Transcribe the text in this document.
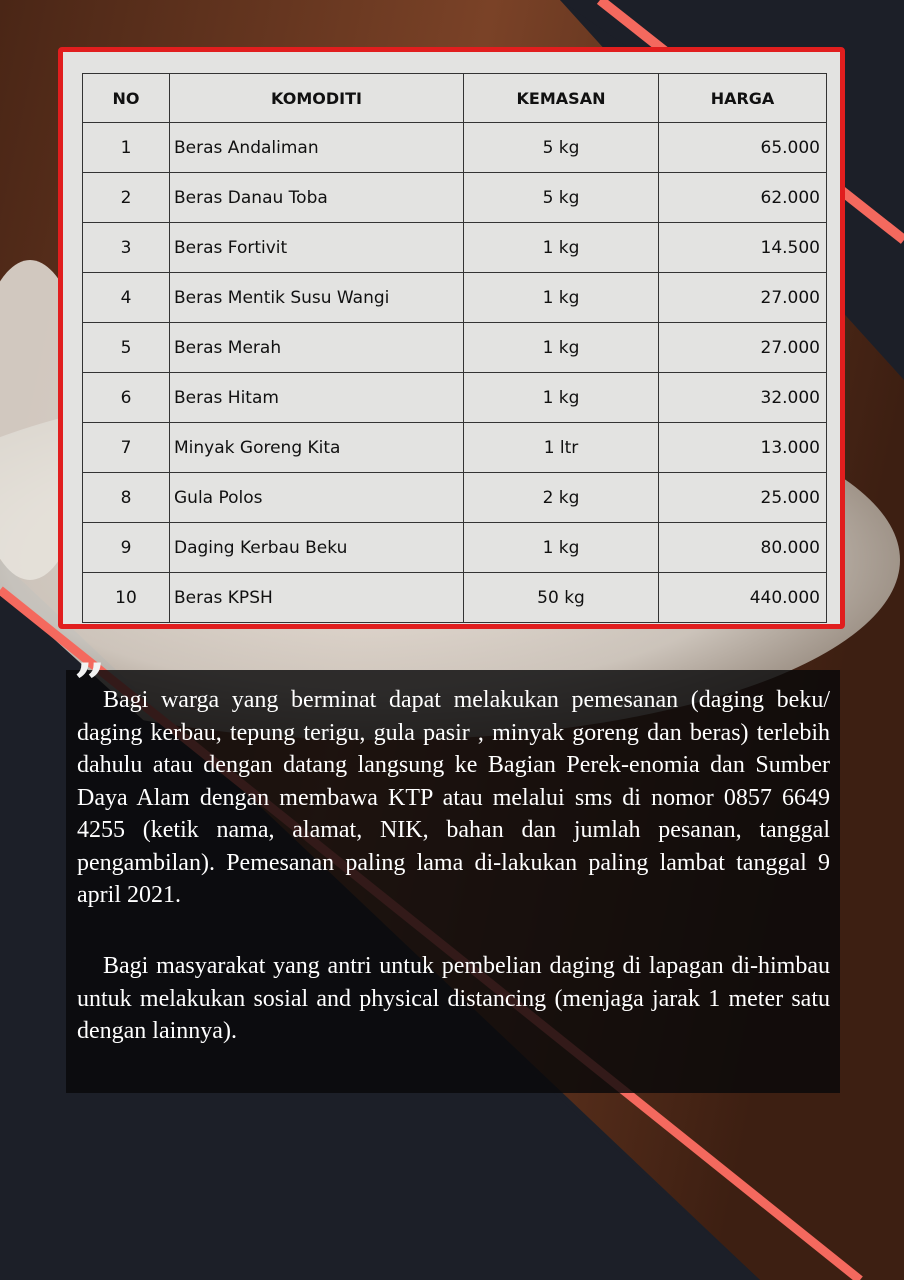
NO	KOMODITI	KEMASAN	HARGA
1	Beras Andaliman	5 kg	65.000
2	Beras Danau Toba	5 kg	62.000
3	Beras Fortivit	1 kg	14.500
4	Beras Mentik Susu Wangi	1 kg	27.000
5	Beras Merah	1 kg	27.000
6	Beras Hitam	1 kg	32.000
7	Minyak Goreng Kita	1 ltr	13.000
8	Gula Polos	2 kg	25.000
9	Daging Kerbau Beku	1 kg	80.000
10	Beras KPSH	50 kg	440.000
”

Bagi warga yang berminat dapat melakukan pemesanan (daging beku/ daging kerbau, tepung terigu, gula pasir , minyak goreng dan beras) terlebih dahulu atau dengan datang langsung ke Bagian Perek-enomia dan Sumber Daya Alam dengan membawa KTP atau melalui sms di nomor 0857 6649 4255 (ketik nama, alamat, NIK, bahan dan jumlah pesanan, tanggal pengambilan). Pemesanan paling lama di-lakukan paling lambat tanggal 9 april 2021.

Bagi masyarakat yang antri untuk pembelian daging di lapagan di-himbau untuk melakukan sosial and physical distancing (menjaga jarak 1 meter satu dengan lainnya).
